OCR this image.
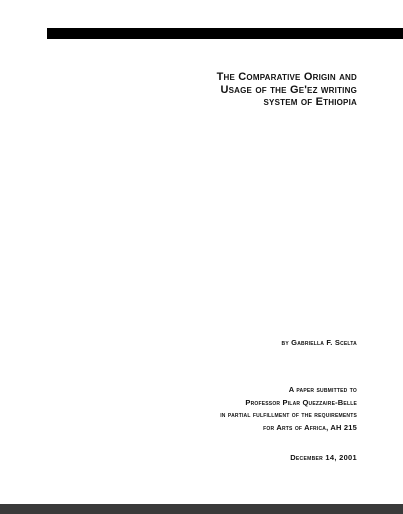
The Comparative Origin and
Usage of the Ge'ez writing
system of Ethiopia
by Gabriella F. Scelta
A paper submitted to
Professor Pilar Quezzaire-Belle
in partial fulfillment of the requirements
for Arts of Africa, AH 215
December 14, 2001
